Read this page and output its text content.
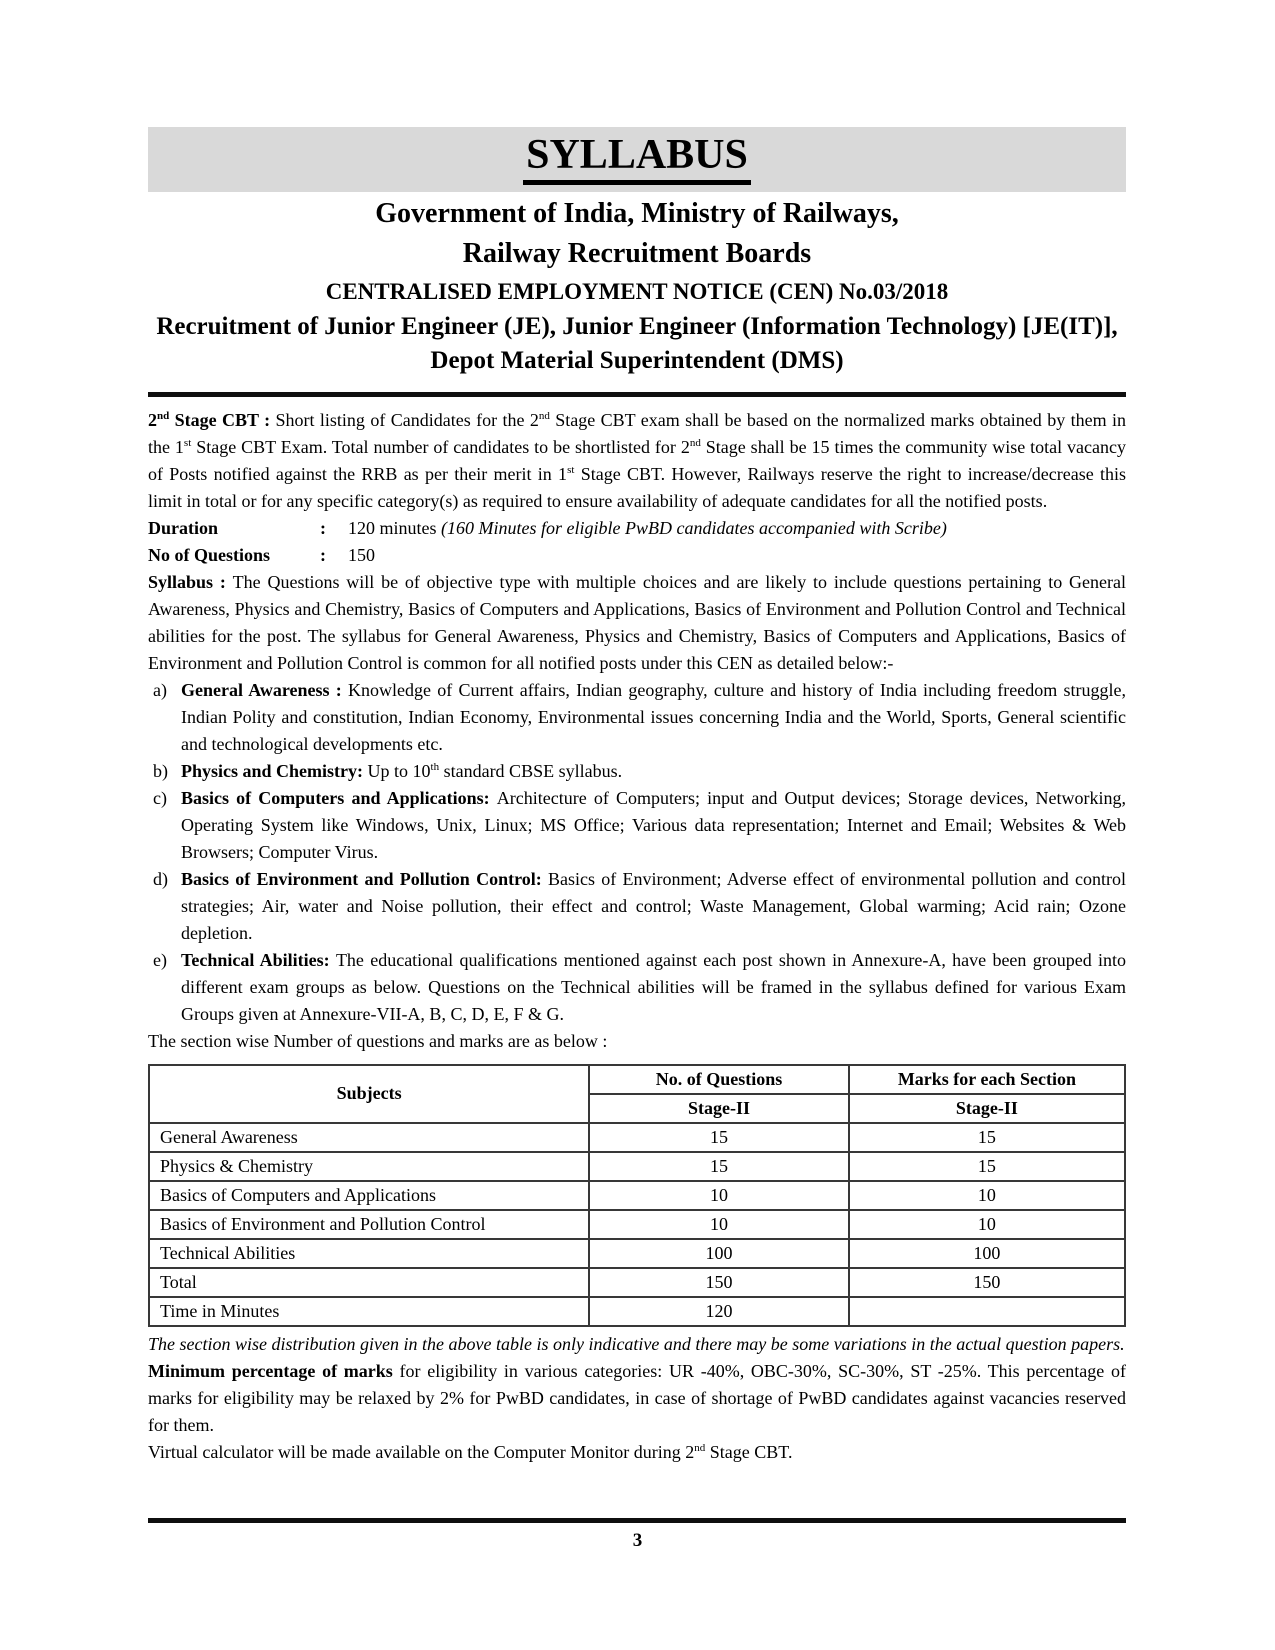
SYLLABUS
Government of India, Ministry of Railways,
Railway Recruitment Boards
CENTRALISED EMPLOYMENT NOTICE (CEN) No.03/2018
Recruitment of Junior Engineer (JE), Junior Engineer (Information Technology) [JE(IT)],
Depot Material Superintendent (DMS)

2nd Stage CBT : Short listing of Candidates for the 2nd Stage CBT exam shall be based on the normalized marks obtained by them in the 1st Stage CBT Exam. Total number of candidates to be shortlisted for 2nd Stage shall be 15 times the community wise total vacancy of Posts notified against the RRB as per their merit in 1st Stage CBT. However, Railways reserve the right to increase/decrease this limit in total or for any specific category(s) as required to ensure availability of adequate candidates for all the notified posts.

Duration	:	120 minutes (160 Minutes for eligible PwBD candidates accompanied with Scribe)
No of Questions	:	150

Syllabus : The Questions will be of objective type with multiple choices and are likely to include questions pertaining to General Awareness, Physics and Chemistry, Basics of Computers and Applications, Basics of Environment and Pollution Control and Technical abilities for the post. The syllabus for General Awareness, Physics and Chemistry, Basics of Computers and Applications, Basics of Environment and Pollution Control is common for all notified posts under this CEN as detailed below:-

a) General Awareness : Knowledge of Current affairs, Indian geography, culture and history of India including freedom struggle, Indian Polity and constitution, Indian Economy, Environmental issues concerning India and the World, Sports, General scientific and technological developments etc.
b) Physics and Chemistry: Up to 10th standard CBSE syllabus.
c) Basics of Computers and Applications: Architecture of Computers; input and Output devices; Storage devices, Networking, Operating System like Windows, Unix, Linux; MS Office; Various data representation; Internet and Email; Websites & Web Browsers; Computer Virus.
d) Basics of Environment and Pollution Control: Basics of Environment; Adverse effect of environmental pollution and control strategies; Air, water and Noise pollution, their effect and control; Waste Management, Global warming; Acid rain; Ozone depletion.
e) Technical Abilities: The educational qualifications mentioned against each post shown in Annexure-A, have been grouped into different exam groups as below. Questions on the Technical abilities will be framed in the syllabus defined for various Exam Groups given at Annexure-VII-A, B, C, D, E, F & G.

The section wise Number of questions and marks are as below :

Subjects	No. of Questions	Marks for each Section
	Stage-II	Stage-II
General Awareness	15	15
Physics & Chemistry	15	15
Basics of Computers and Applications	10	10
Basics of Environment and Pollution Control	10	10
Technical Abilities	100	100
Total	150	150
Time in Minutes	120	

The section wise distribution given in the above table is only indicative and there may be some variations in the actual question papers.

Minimum percentage of marks for eligibility in various categories: UR -40%, OBC-30%, SC-30%, ST -25%. This percentage of marks for eligibility may be relaxed by 2% for PwBD candidates, in case of shortage of PwBD candidates against vacancies reserved for them.

Virtual calculator will be made available on the Computer Monitor during 2nd Stage CBT.

3
